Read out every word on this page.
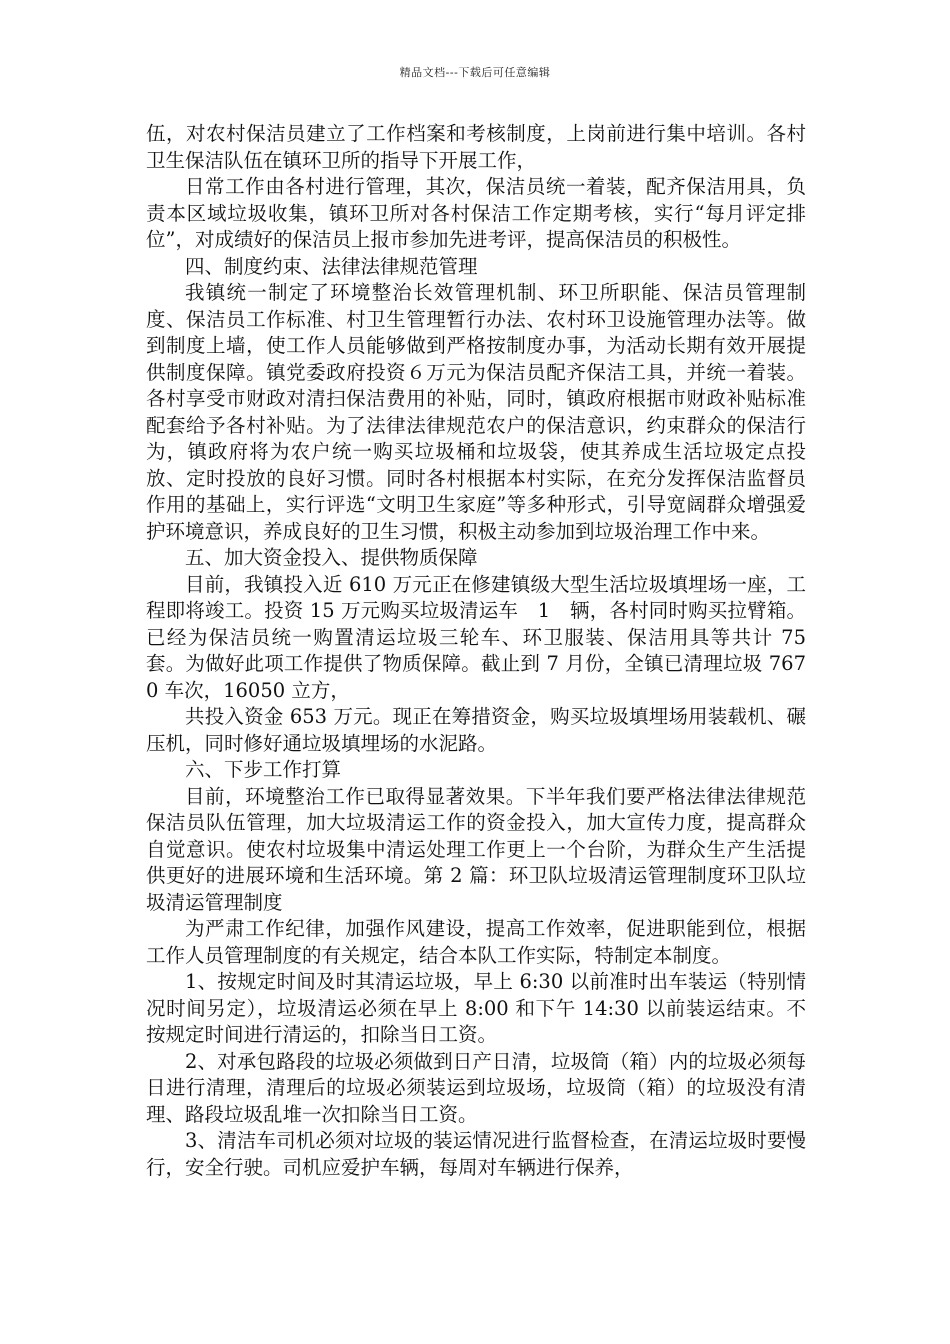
精品文档---下载后可任意编辑

伍，对农村保洁员建立了工作档案和考核制度，上岗前进行集中培训。各村卫生保洁队伍在镇环卫所的指导下开展工作，

日常工作由各村进行管理，其次，保洁员统一着装，配齐保洁用具，负责本区域垃圾收集，镇环卫所对各村保洁工作定期考核，实行“每月评定排位”，对成绩好的保洁员上报市参加先进考评，提高保洁员的积极性。

四、制度约束、法律法律规范管理

我镇统一制定了环境整治长效管理机制、环卫所职能、保洁员管理制度、保洁员工作标准、村卫生管理暂行办法、农村环卫设施管理办法等。做到制度上墙，使工作人员能够做到严格按制度办事，为活动长期有效开展提供制度保障。镇党委政府投资６万元为保洁员配齐保洁工具，并统一着装。各村享受市财政对清扫保洁费用的补贴，同时，镇政府根据市财政补贴标准配套给予各村补贴。为了法律法律规范农户的保洁意识，约束群众的保洁行为，镇政府将为农户统一购买垃圾桶和垃圾袋，使其养成生活垃圾定点投放、定时投放的良好习惯。同时各村根据本村实际，在充分发挥保洁监督员作用的基础上，实行评选“文明卫生家庭”等多种形式，引导宽阔群众增强爱护环境意识，养成良好的卫生习惯，积极主动参加到垃圾治理工作中来。

五、加大资金投入、提供物质保障

目前，我镇投入近 610 万元正在修建镇级大型生活垃圾填埋场一座，工程即将竣工。投资 15 万元购买垃圾清运车　1　辆，各村同时购买拉臂箱。已经为保洁员统一购置清运垃圾三轮车、环卫服装、保洁用具等共计 75 套。为做好此项工作提供了物质保障。截止到 7 月份，全镇已清理垃圾 7670 车次，16050 立方，

共投入资金 653 万元。现正在筹措资金，购买垃圾填埋场用装载机、碾压机，同时修好通垃圾填埋场的水泥路。

六、下步工作打算

目前，环境整治工作已取得显著效果。下半年我们要严格法律法律规范保洁员队伍管理，加大垃圾清运工作的资金投入，加大宣传力度，提高群众自觉意识。使农村垃圾集中清运处理工作更上一个台阶，为群众生产生活提供更好的进展环境和生活环境。第 2 篇：环卫队垃圾清运管理制度环卫队垃圾清运管理制度

为严肃工作纪律，加强作风建设，提高工作效率，促进职能到位，根据工作人员管理制度的有关规定，结合本队工作实际，特制定本制度。

1、按规定时间及时其清运垃圾，早上 6:30 以前准时出车装运（特别情况时间另定），垃圾清运必须在早上 8:00 和下午 14:30 以前装运结束。不按规定时间进行清运的，扣除当日工资。

2、对承包路段的垃圾必须做到日产日清，垃圾筒（箱）内的垃圾必须每日进行清理，清理后的垃圾必须装运到垃圾场，垃圾筒（箱）的垃圾没有清理、路段垃圾乱堆一次扣除当日工资。

3、清洁车司机必须对垃圾的装运情况进行监督检查，在清运垃圾时要慢行，安全行驶。司机应爱护车辆，每周对车辆进行保养，
